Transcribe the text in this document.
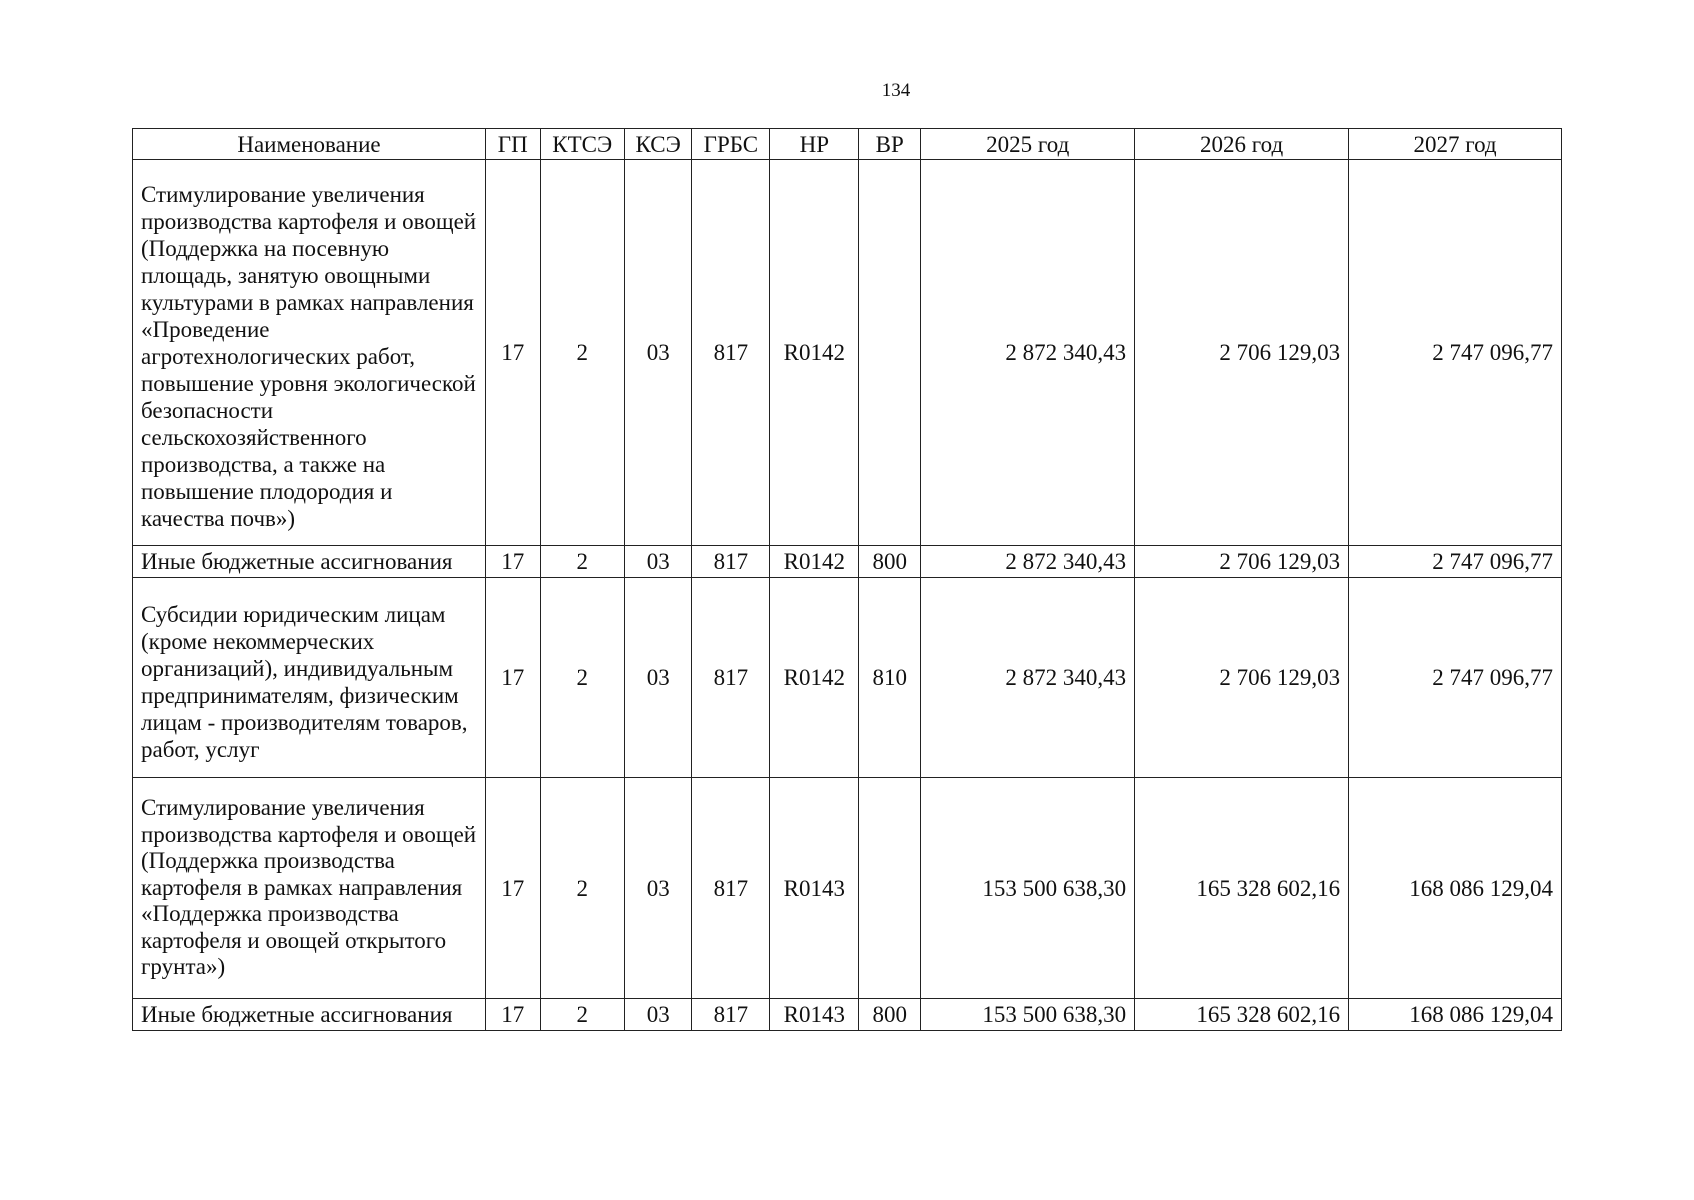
134
Наименование	ГП	КТСЭ	КСЭ	ГРБС	НР	ВР	2025 год	2026 год	2027 год
Стимулирование увеличения производства картофеля и овощей (Поддержка на посевную площадь, занятую овощными культурами в рамках направления «Проведение агротехнологических работ, повышение уровня экологической безопасности сельскохозяйственного производства, а также на повышение плодородия и качества почв»)	17	2	03	817	R0142		2 872 340,43	2 706 129,03	2 747 096,77
Иные бюджетные ассигнования	17	2	03	817	R0142	800	2 872 340,43	2 706 129,03	2 747 096,77
Субсидии юридическим лицам (кроме некоммерческих организаций), индивидуальным предпринимателям, физическим лицам - производителям товаров, работ, услуг	17	2	03	817	R0142	810	2 872 340,43	2 706 129,03	2 747 096,77
Стимулирование увеличения производства картофеля и овощей (Поддержка производства картофеля в рамках направления «Поддержка производства картофеля и овощей открытого грунта»)	17	2	03	817	R0143		153 500 638,30	165 328 602,16	168 086 129,04
Иные бюджетные ассигнования	17	2	03	817	R0143	800	153 500 638,30	165 328 602,16	168 086 129,04
